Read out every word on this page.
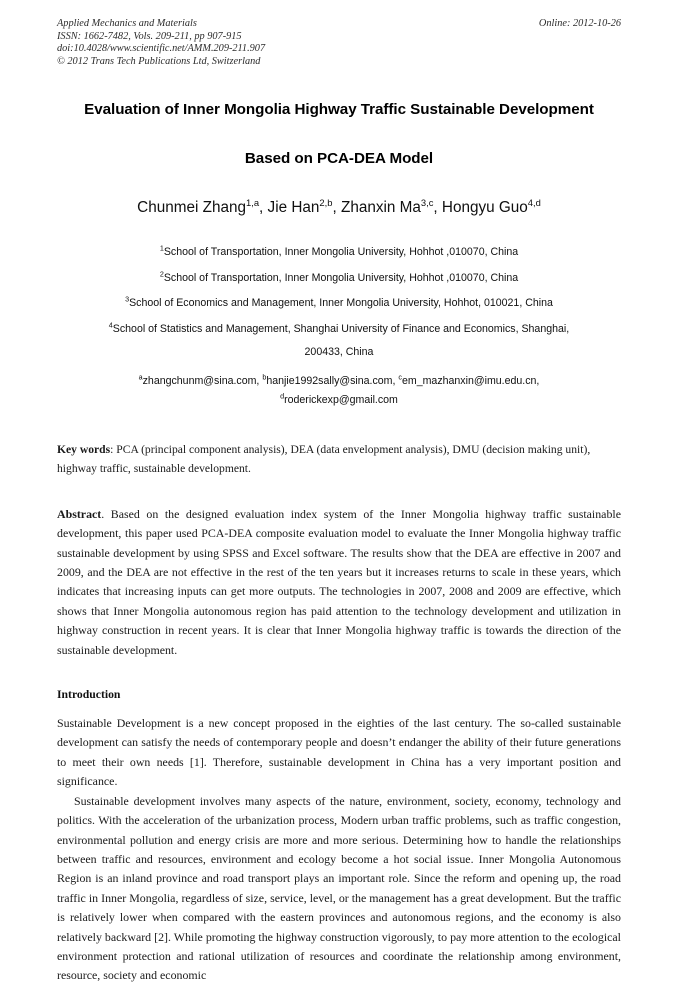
Applied Mechanics and Materials
ISSN: 1662-7482, Vols. 209-211, pp 907-915
doi:10.4028/www.scientific.net/AMM.209-211.907
© 2012 Trans Tech Publications Ltd, Switzerland
Online: 2012-10-26
Evaluation of Inner Mongolia Highway Traffic Sustainable Development
Based on PCA-DEA Model
Chunmei Zhang$^{1,a}$, Jie Han$^{2,b}$, Zhanxin Ma$^{3,c}$, Hongyu Guo$^{4,d}$
$^1$School of Transportation, Inner Mongolia University, Hohhot ,010070, China
$^2$School of Transportation, Inner Mongolia University, Hohhot ,010070, China
$^3$School of Economics and Management, Inner Mongolia University, Hohhot, 010021, China
$^4$School of Statistics and Management, Shanghai University of Finance and Economics, Shanghai,
200433, China
$^a$zhangchunm@sina.com, $^b$hanjie1992sally@sina.com, $^c$em_mazhanxin@imu.edu.cn,
$^d$roderickexp@gmail.com
Key words: PCA (principal component analysis), DEA (data envelopment analysis), DMU (decision making unit), highway traffic, sustainable development.
Abstract. Based on the designed evaluation index system of the Inner Mongolia highway traffic sustainable development, this paper used PCA-DEA composite evaluation model to evaluate the Inner Mongolia highway traffic sustainable development by using SPSS and Excel software. The results show that the DEA are effective in 2007 and 2009, and the DEA are not effective in the rest of the ten years but it increases returns to scale in these years, which indicates that increasing inputs can get more outputs. The technologies in 2007, 2008 and 2009 are effective, which shows that Inner Mongolia autonomous region has paid attention to the technology development and utilization in highway construction in recent years. It is clear that Inner Mongolia highway traffic is towards the direction of the sustainable development.
Introduction
Sustainable Development is a new concept proposed in the eighties of the last century. The so-called sustainable development can satisfy the needs of contemporary people and doesn’t endanger the ability of their future generations to meet their own needs [1]. Therefore, sustainable development in China has a very important position and significance.
Sustainable development involves many aspects of the nature, environment, society, economy, technology and politics. With the acceleration of the urbanization process, Modern urban traffic problems, such as traffic congestion, environmental pollution and energy crisis are more and more serious. Determining how to handle the relationships between traffic and resources, environment and ecology become a hot social issue. Inner Mongolia Autonomous Region is an inland province and road transport plays an important role. Since the reform and opening up, the road traffic in Inner Mongolia, regardless of size, service, level, or the management has a great development. But the traffic is relatively lower when compared with the eastern provinces and autonomous regions, and the economy is also relatively backward [2]. While promoting the highway construction vigorously, to pay more attention to the ecological environment protection and rational utilization of resources and coordinate the relationship among environment, resource, society and economic
